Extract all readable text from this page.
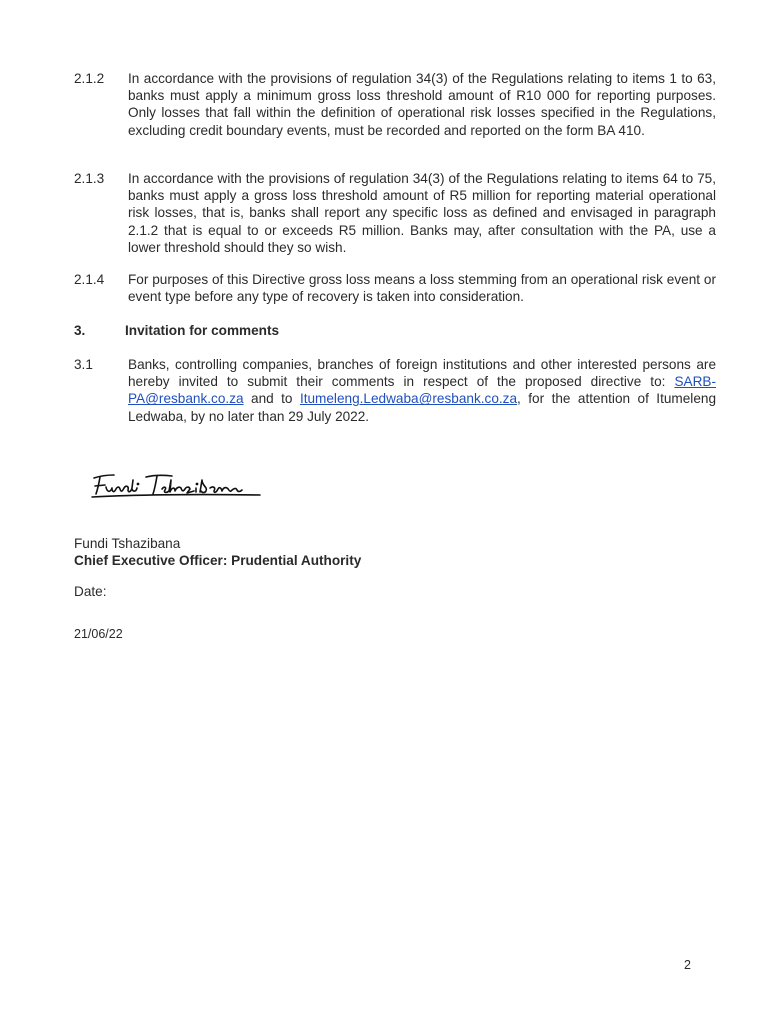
2.1.2 In accordance with the provisions of regulation 34(3) of the Regulations relating to items 1 to 63, banks must apply a minimum gross loss threshold amount of R10 000 for reporting purposes. Only losses that fall within the definition of operational risk losses specified in the Regulations, excluding credit boundary events, must be recorded and reported on the form BA 410.
2.1.3 In accordance with the provisions of regulation 34(3) of the Regulations relating to items 64 to 75, banks must apply a gross loss threshold amount of R5 million for reporting material operational risk losses, that is, banks shall report any specific loss as defined and envisaged in paragraph 2.1.2 that is equal to or exceeds R5 million. Banks may, after consultation with the PA, use a lower threshold should they so wish.
2.1.4 For purposes of this Directive gross loss means a loss stemming from an operational risk event or event type before any type of recovery is taken into consideration.
3.	Invitation for comments
3.1	Banks, controlling companies, branches of foreign institutions and other interested persons are hereby invited to submit their comments in respect of the proposed directive to: SARB-PA@resbank.co.za and to Itumeleng.Ledwaba@resbank.co.za, for the attention of Itumeleng Ledwaba, by no later than 29 July 2022.
Fundi Tshazibana
Chief Executive Officer: Prudential Authority
Date:
21/06/22
2
